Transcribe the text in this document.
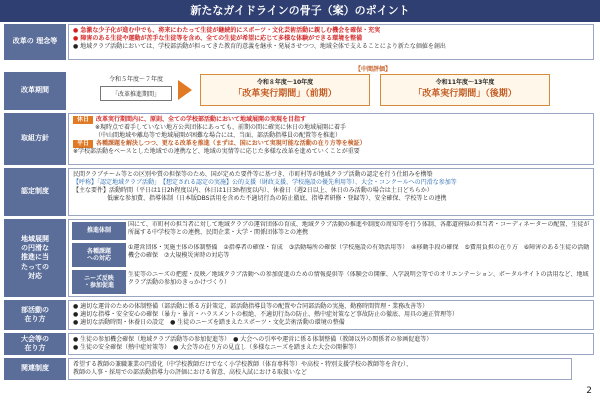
新たなガイドラインの骨子（案）のポイント
改革の 理念等
● 急激な少子化が進む中でも、将来にわたって生徒が継続的にスポーツ・文化芸術活動に親しむ機会を確保・充実
● 障害のある生徒や運動が苦手な生徒等を含め、全ての生徒が希望に応じて多様な体験ができる環境を整備
● 地域クラブ活動においては、学校部活動が担ってきた教育的意義を継承・発展させつつ、地域全体で支えることにより新たな価値を創出
改革期間
令和５年度〜７年度
「改革推進期間」
【中間評価】
令和８年度〜10年度
「改革実行期間」（前期）
令和11年度〜13年度
「改革実行期間」（後期）
取組方針
休日 改革実行期間内に、原則、全ての学校部活動において地域展開の実現を目指す
※現時点で着手していない地方公共団体にあっても、前期の間に確実に休日の地域展開に着手
（中山間地域や離島等で地域展開が困難な場合には、当面、部活動指導員の配置等を推進）
平日 各種課題を解決しつつ、更なる改革を推進（まずは、国において実現可能な活動の在り方等を検証）
※学校部活動をベースとした地域での連携など、地域の実情等に応じた多様な改革を進めていくことが重要
認定制度
民間クラブチーム等との区別や質の担保等のため、国が定めた要件等に基づき、市町村等が地域クラブ活動の認定を行う仕組みを構築
【呼称】「認定地域クラブ活動」　【想定される認定の実施】公的支援（財政支援、学校施設の優先利用等）、大会・コンクールへの円滑な参加等
【主な要件】活動時間（平日は1日2h程度以内、休日は1日3h程度以内）、休養日（週2日以上、休日のみ活動の場合は土日どちらか）
低廉な参加費、指導体制（日本版DBS活用を含めた不適切行為の防止徹底、指導者研修・登録等）、安全確保、学校等との連携
地域展開
の円滑な
推進に当
たっての
対応
推進体制
国にて、市町村の担当者に対して地域クラブの運営団体の育成、地域クラブ活動の推進や制度の周知等を行う体制、各都道府県の担当者・コーディネーターの配置、生徒が所属する中学校等との連携、民間企業・大学・関係団体等との連携
各種課題
への対応
①運営団体・実施主体の体制整備　②指導者の確保・育成　③活動場所の確保（学校施設の有効活用等）　④移動手段の確保　⑤費用負担の在り方　⑥障害のある生徒の活動機会の確保　⑦大規模災害時の対応等
ニーズ反映
・参加促進
生徒等のニーズの把握・反映／地域クラブ活動への参加促進のための情報提供等（体験会の開催、入学説明会等でのオリエンテーション、ポータルサイトの活用など、地域クラブ活動の参加のきっかけづくり）
部活動の
在り方
● 適切な運営のための体制整備（部活動に係る方針策定、部活動指導員等の配置や合同部活動の実施、勤務時間管理・業務改善等）
● 適切な指導・安全安心の確保（暴力・暴言・ハラスメントの根絶、不適切行為の防止、熱中症対策など事故防止の徹底、用具の適正管理等）
● 適切な活動時間・休養日の設定　● 生徒のニーズを踏まえたスポーツ・文化芸術活動の環境の整備
大会等の
在り方
● 生徒の参加機会確保（地域クラブ活動等の参加促進等）　● 大会への引率や運営に係る体制整備（教師以外の関係者の参画促進等）
● 生徒の安全確保（熱中症対策等）　● 大会等の在り方の見直し（多様なニーズを踏まえた大会の開催等）
関連制度	希望する教師の兼職兼業の円滑化（中学校教師だけでなく小学校教師（体育専科等）や高校・特別支援学校の教師等を含む）、
教師の人事・採用での部活動指導力の評価における留意、高校入試における取扱いなど
2
